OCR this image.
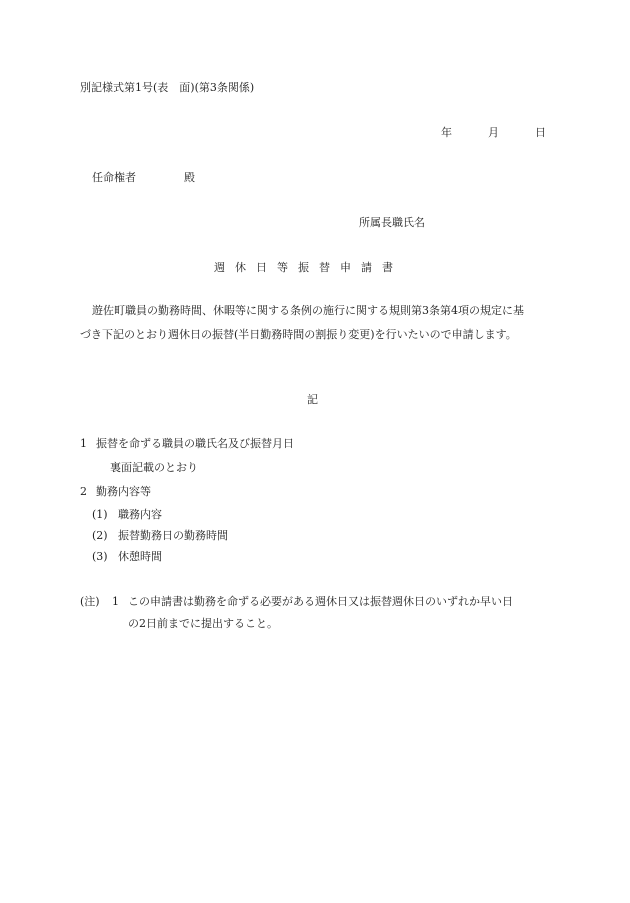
別記様式第1号(表　面)(第3条関係)
年	月	日
任命権者	殿
所属長職氏名
週休日等振替申請書
遊佐町職員の勤務時間、休暇等に関する条例の施行に関する規則第3条第4項の規定に基
づき下記のとおり週休日の振替(半日勤務時間の割振り変更)を行いたいので申請します。
記
1 振替を命ずる職員の職氏名及び振替月日
裏面記載のとおり
2 勤務内容等
(1) 職務内容
(2) 振替勤務日の勤務時間
(3) 休憩時間
(注) 1 この申請書は勤務を命ずる必要がある週休日又は振替週休日のいずれか早い日
の2日前までに提出すること。
